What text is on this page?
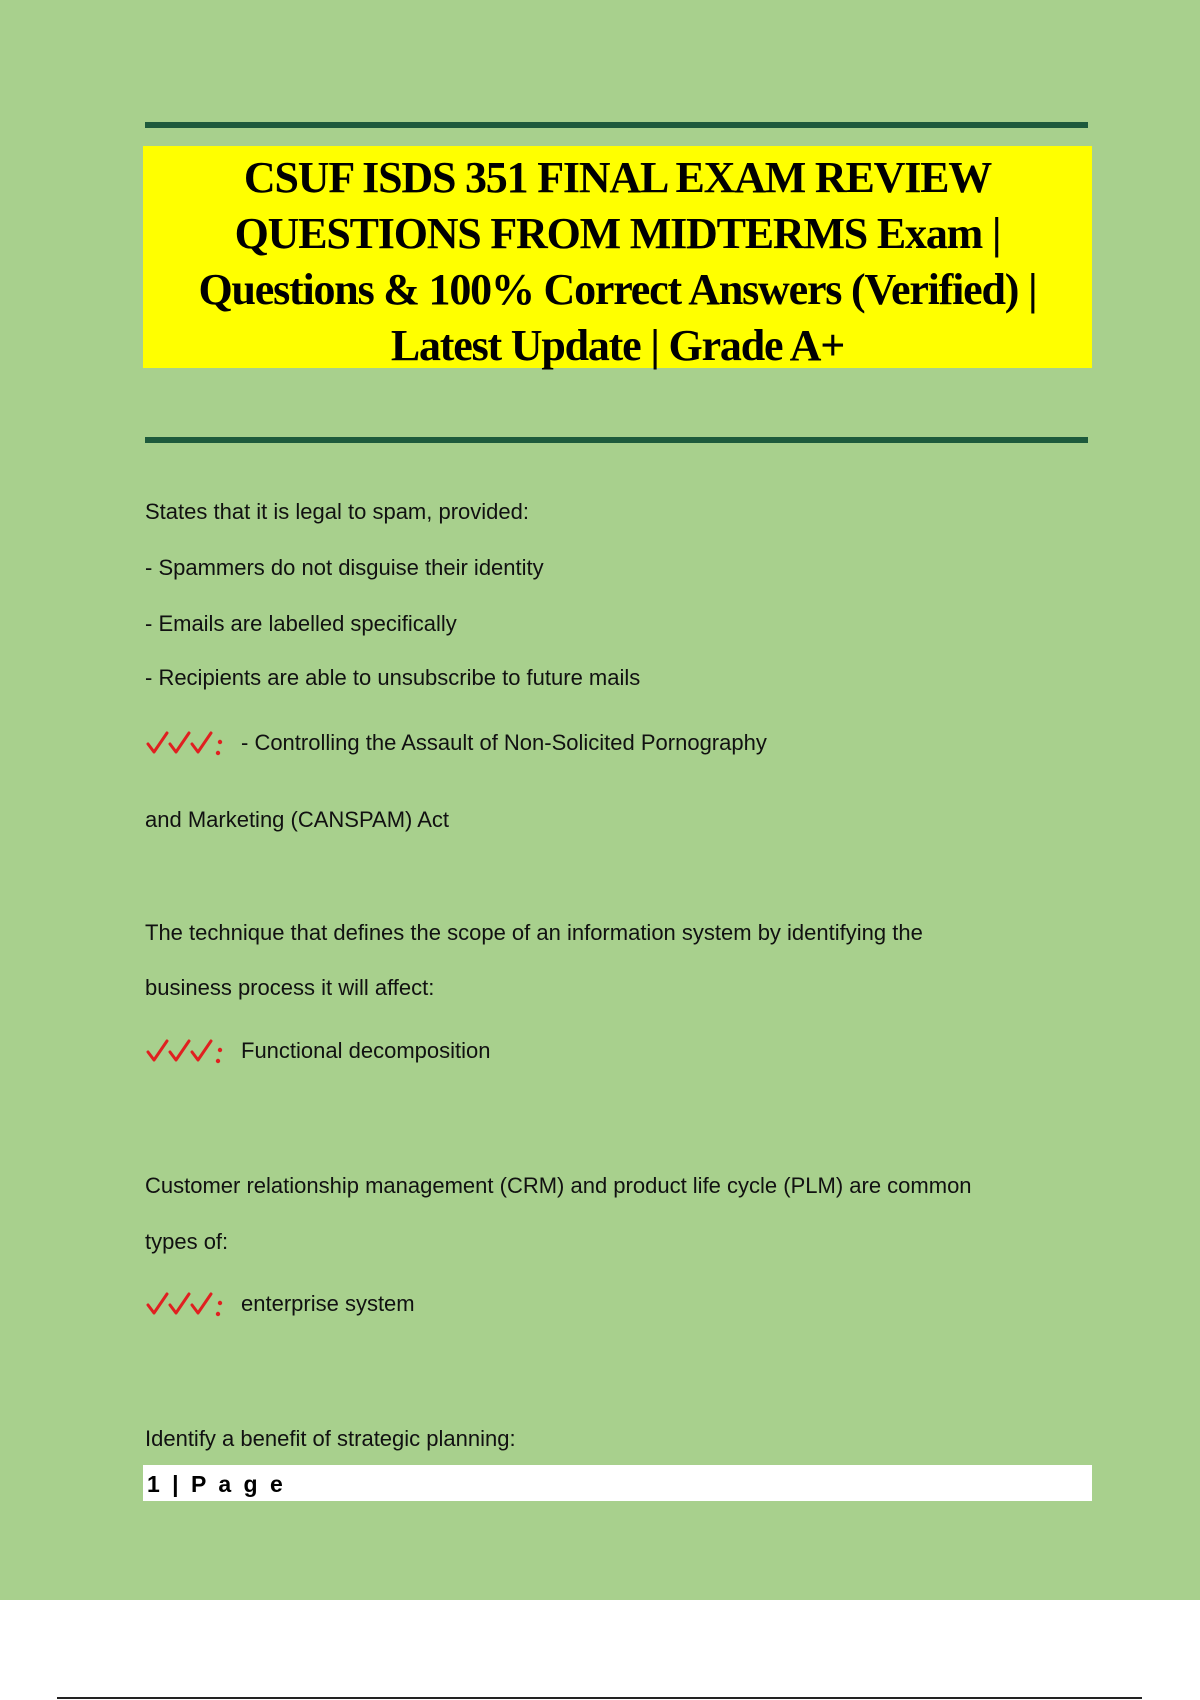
CSUF ISDS 351 FINAL EXAM REVIEW

QUESTIONS FROM MIDTERMS Exam |

Questions & 100% Correct Answers (Verified) |

Latest Update | Grade A+

States that it is legal to spam, provided:

- Spammers do not disguise their identity

- Emails are labelled specifically

- Recipients are able to unsubscribe to future mails

- Controlling the Assault of Non-Solicited Pornography

and Marketing (CANSPAM) Act

The technique that defines the scope of an information system by identifying the

business process it will affect:

Functional decomposition

Customer relationship management (CRM) and product life cycle (PLM) are common

types of:

enterprise system

Identify a benefit of strategic planning:

1 | P a g e
